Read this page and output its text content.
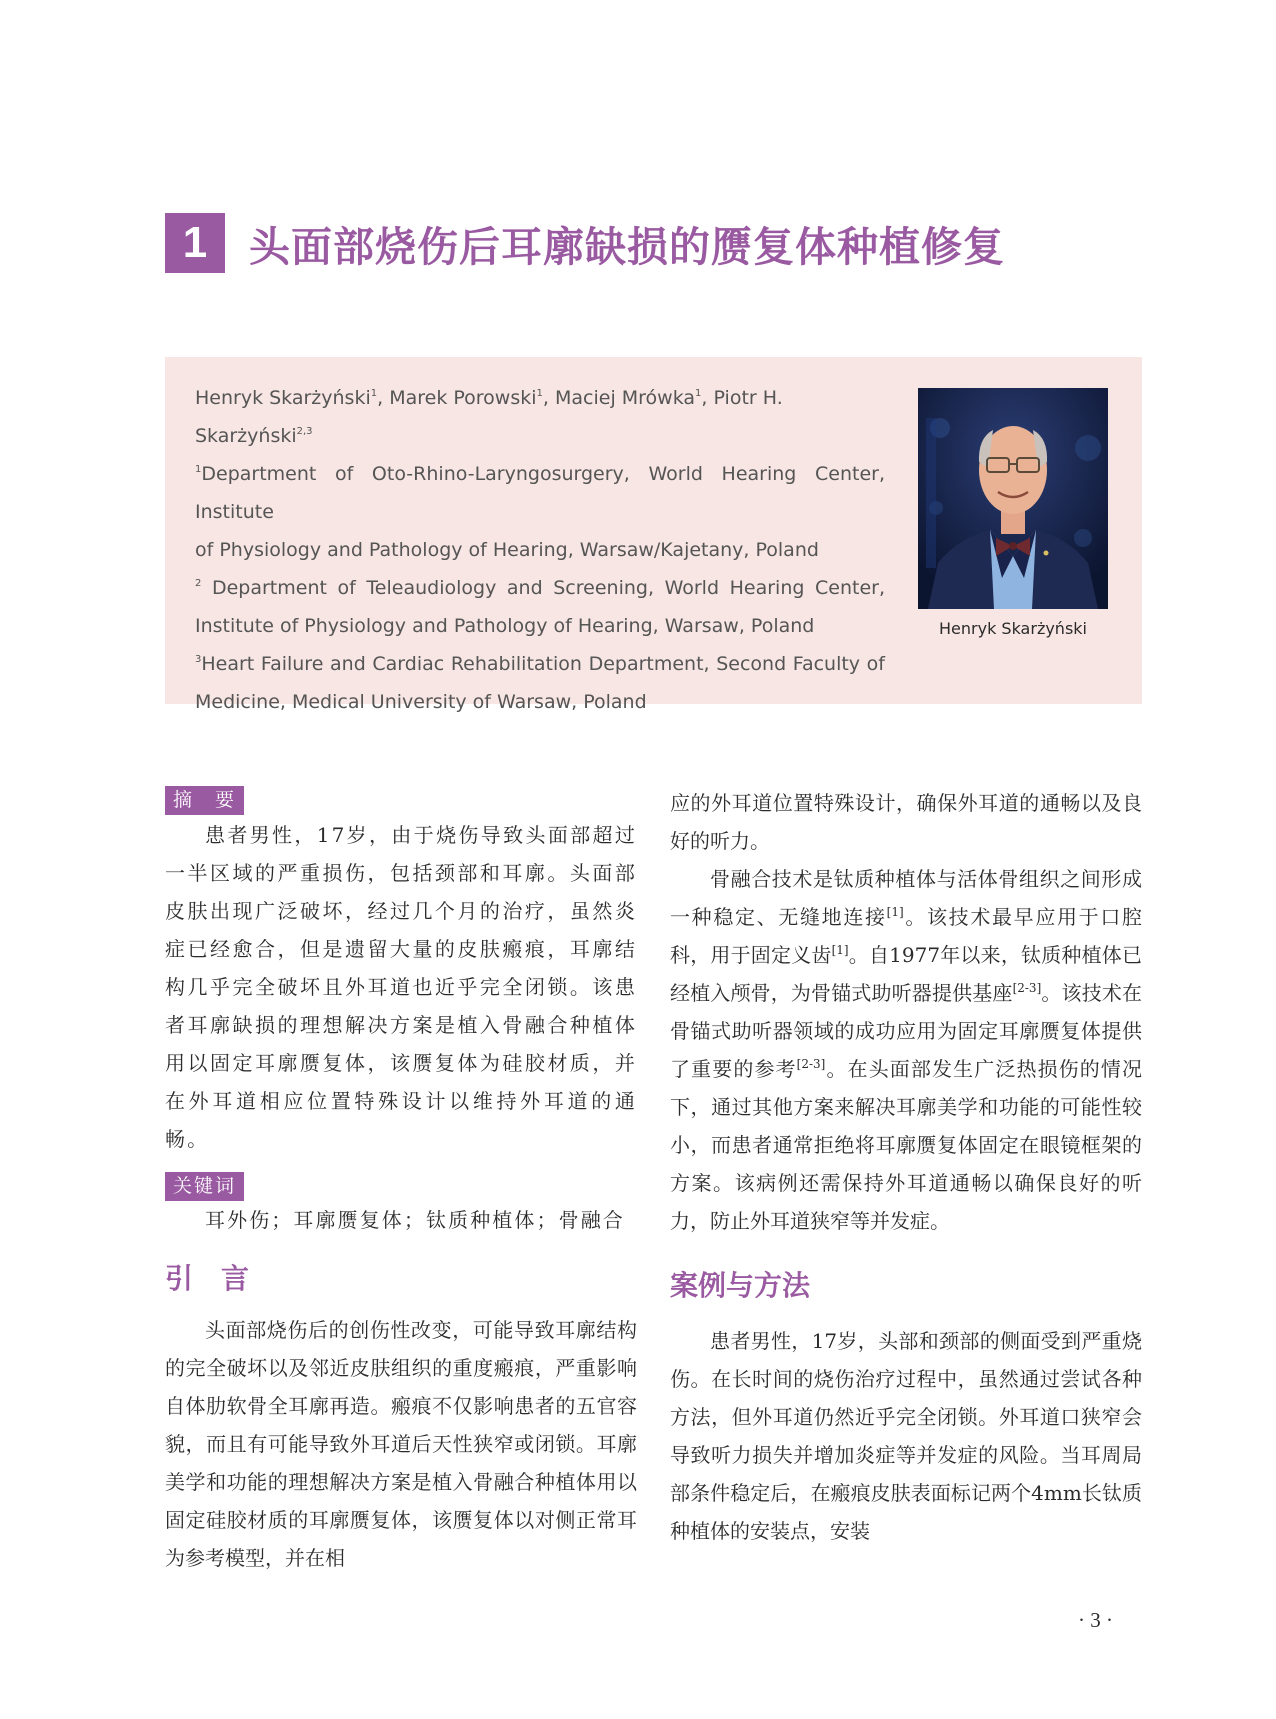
1	头面部烧伤后耳廓缺损的赝复体种植修复

Henryk Skarżyński$^1$, Marek Porowski$^1$, Maciej Mrówka$^1$, Piotr H. Skarżyński$^{2,3}$

$^1$Department of Oto-Rhino-Laryngosurgery, World Hearing Center, Institute

of Physiology and Pathology of Hearing, Warsaw/Kajetany, Poland

$^2$ Department of Teleaudiology and Screening, World Hearing Center,

Institute of Physiology and Pathology of Hearing, Warsaw, Poland

$^3$Heart Failure and Cardiac Rehabilitation Department, Second Faculty of

Medicine, Medical University of Warsaw, Poland

Henryk Skarżyński
摘　要

患者男性，17岁，由于烧伤导致头面部超过一半区域的严重损伤，包括颈部和耳廓。头面部皮肤出现广泛破坏，经过几个月的治疗，虽然炎症已经愈合，但是遗留大量的皮肤瘢痕，耳廓结构几乎完全破坏且外耳道也近乎完全闭锁。该患者耳廓缺损的理想解决方案是植入骨融合种植体用以固定耳廓赝复体，该赝复体为硅胶材质，并在外耳道相应位置特殊设计以维持外耳道的通畅。

关键词

耳外伤；耳廓赝复体；钛质种植体；骨融合

引　言

头面部烧伤后的创伤性改变，可能导致耳廓结构的完全破坏以及邻近皮肤组织的重度瘢痕，严重影响自体肋软骨全耳廓再造。瘢痕不仅影响患者的五官容貌，而且有可能导致外耳道后天性狭窄或闭锁。耳廓美学和功能的理想解决方案是植入骨融合种植体用以固定硅胶材质的耳廓赝复体，该赝复体以对侧正常耳为参考模型，并在相

应的外耳道位置特殊设计，确保外耳道的通畅以及良好的听力。

骨融合技术是钛质种植体与活体骨组织之间形成一种稳定、无缝地连接[1]。该技术最早应用于口腔科，用于固定义齿[1]。自1977年以来，钛质种植体已经植入颅骨，为骨锚式助听器提供基座[2-3]。该技术在骨锚式助听器领域的成功应用为固定耳廓赝复体提供了重要的参考[2-3]。在头面部发生广泛热损伤的情况下，通过其他方案来解决耳廓美学和功能的可能性较小，而患者通常拒绝将耳廓赝复体固定在眼镜框架的方案。该病例还需保持外耳道通畅以确保良好的听力，防止外耳道狭窄等并发症。

案例与方法

患者男性，17岁，头部和颈部的侧面受到严重烧伤。在长时间的烧伤治疗过程中，虽然通过尝试各种方法，但外耳道仍然近乎完全闭锁。外耳道口狭窄会导致听力损失并增加炎症等并发症的风险。当耳周局部条件稳定后，在瘢痕皮肤表面标记两个4mm长钛质种植体的安装点，安装

· 3 ·
